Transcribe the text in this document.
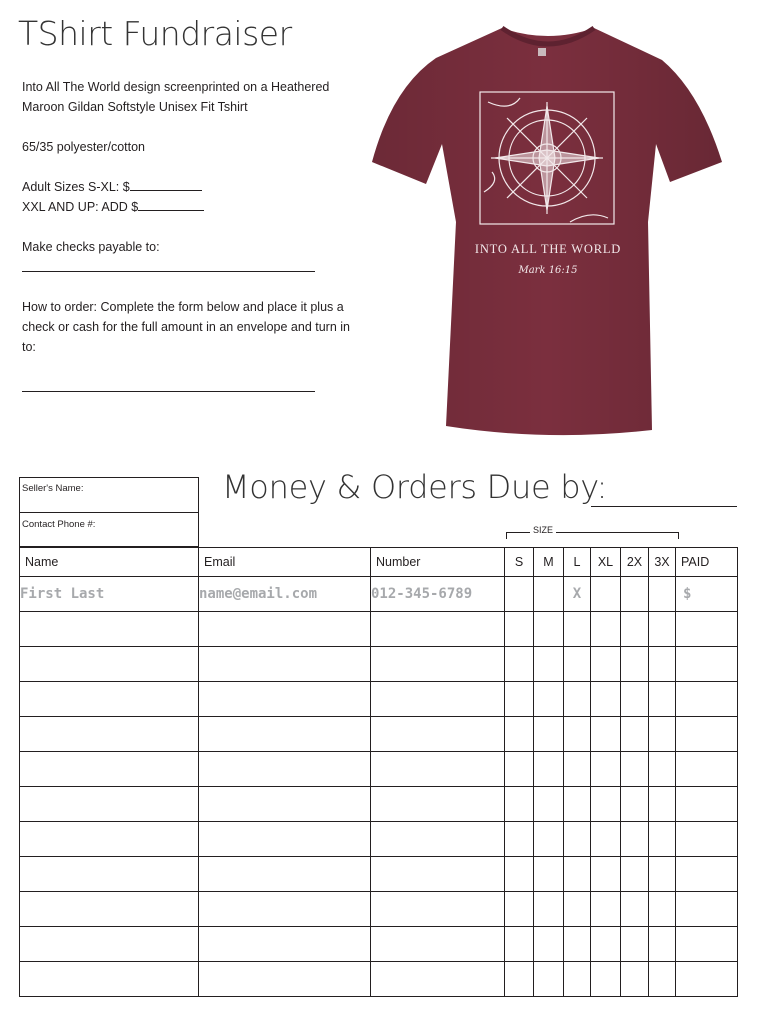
TShirt Fundraiser
Into All The World design screenprinted on a Heathered Maroon Gildan Softstyle Unisex Fit Tshirt
65/35 polyester/cotton
Adult Sizes S-XL: $
XXL AND UP: ADD $
Make checks payable to:
How to order: Complete the form below and place it plus a check or cash for the full amount in an envelope and turn in to:
INTO ALL THE WORLD
Mark 16:15
Seller's Name:
Contact Phone #:
Money & Orders Due by:
SIZE
Name	Email	Number	S	M	L	XL	2X	3X	PAID
First Last	name@email.com	012-345-6789			X				$
